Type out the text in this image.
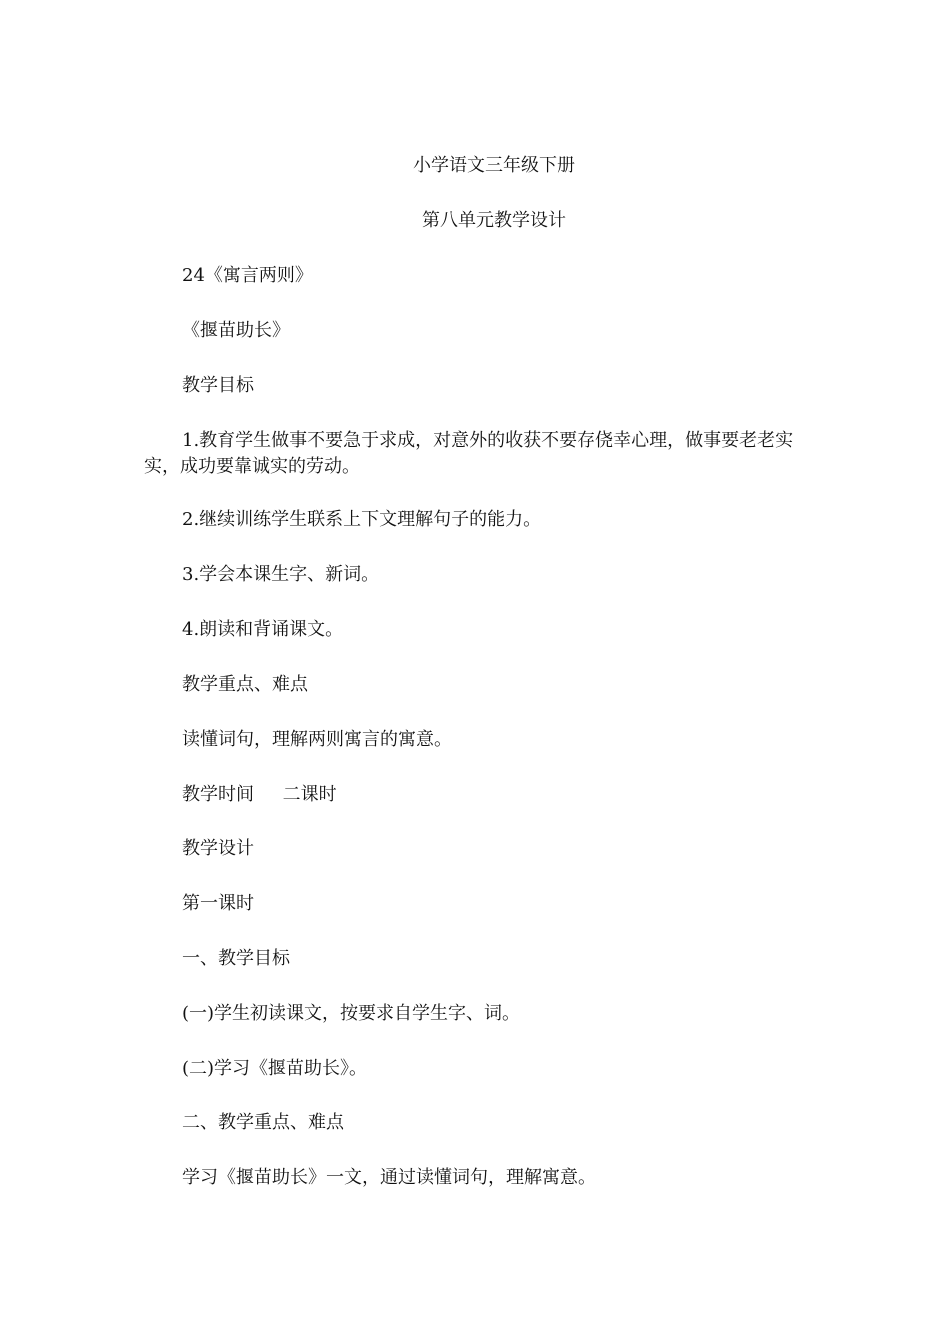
小学语文三年级下册
第八单元教学设计
24《寓言两则》
《揠苗助长》
教学目标
1.教育学生做事不要急于求成，对意外的收获不要存侥幸心理，做事要老老实实，成功要靠诚实的劳动。
2.继续训练学生联系上下文理解句子的能力。
3.学会本课生字、新词。
4.朗读和背诵课文。
教学重点、难点
读懂词句，理解两则寓言的寓意。
教学时间     二课时
教学设计
第一课时
一、教学目标
(一)学生初读课文，按要求自学生字、词。
(二)学习《揠苗助长》。
二、教学重点、难点
学习《揠苗助长》一文，通过读懂词句，理解寓意。
